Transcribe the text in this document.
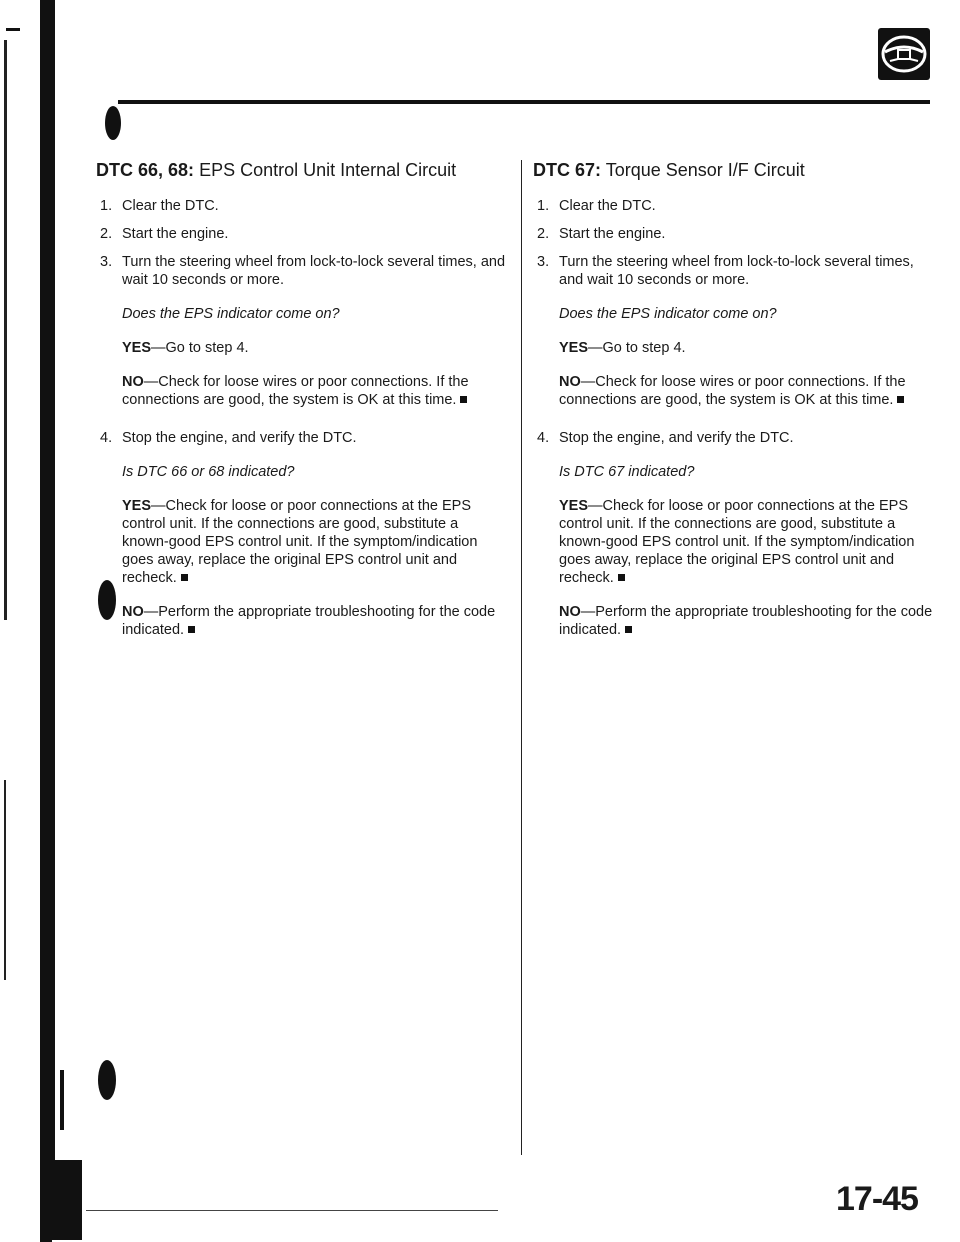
DTC 66, 68: EPS Control Unit Internal Circuit
1. Clear the DTC.
2. Start the engine.
3. Turn the steering wheel from lock-to-lock several times, and wait 10 seconds or more.
Does the EPS indicator come on?
YES—Go to step 4.
NO—Check for loose wires or poor connections. If the connections are good, the system is OK at this time.
4. Stop the engine, and verify the DTC.
Is DTC 66 or 68 indicated?
YES—Check for loose or poor connections at the EPS control unit. If the connections are good, substitute a known-good EPS control unit. If the symptom/indication goes away, replace the original EPS control unit and recheck.
NO—Perform the appropriate troubleshooting for the code indicated.
DTC 67: Torque Sensor I/F Circuit
1. Clear the DTC.
2. Start the engine.
3. Turn the steering wheel from lock-to-lock several times, and wait 10 seconds or more.
Does the EPS indicator come on?
YES—Go to step 4.
NO—Check for loose wires or poor connections. If the connections are good, the system is OK at this time.
4. Stop the engine, and verify the DTC.
Is DTC 67 indicated?
YES—Check for loose or poor connections at the EPS control unit. If the connections are good, substitute a known-good EPS control unit. If the symptom/indication goes away, replace the original EPS control unit and recheck.
NO—Perform the appropriate troubleshooting for the code indicated.
17-45
